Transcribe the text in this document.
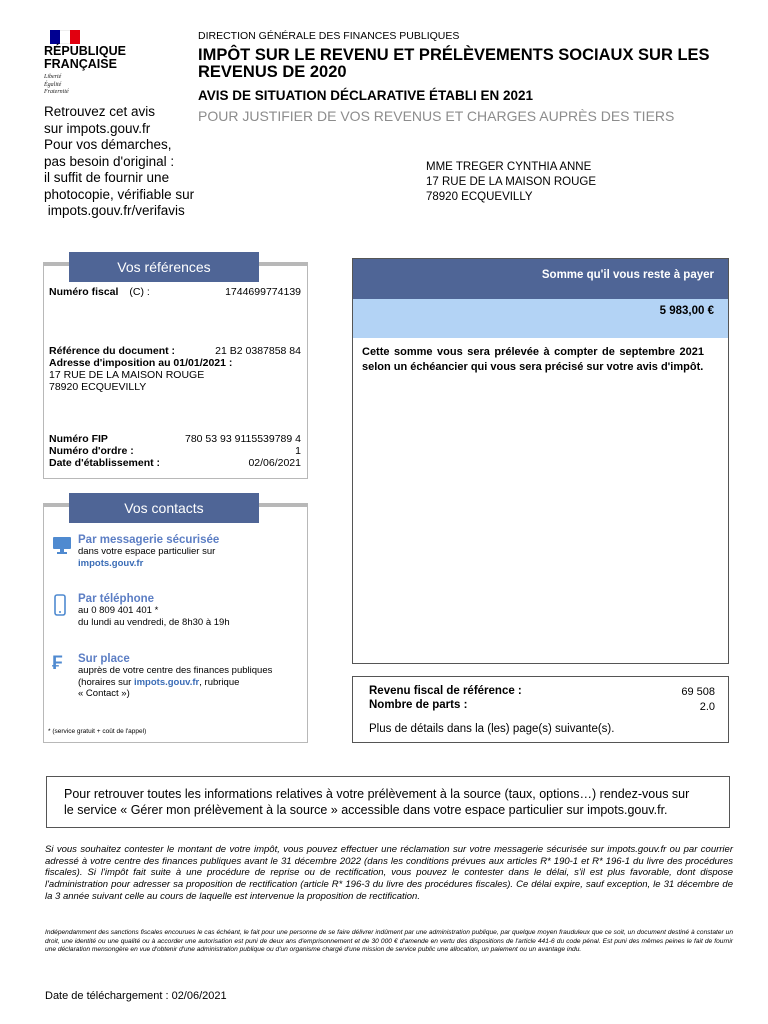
RÉPUBLIQUE
FRANÇAISE
Liberté
Égalité
Fraternité
Retrouvez cet avis
sur impots.gouv.fr
Pour vos démarches,
pas besoin d'original :
il suffit de fournir une
photocopie, vérifiable sur
impots.gouv.fr/verifavis
DIRECTION GÉNÉRALE DES FINANCES PUBLIQUES
IMPÔT SUR LE REVENU ET PRÉLÈVEMENTS SOCIAUX SUR LES REVENUS DE 2020
AVIS DE SITUATION DÉCLARATIVE ÉTABLI EN 2021
POUR JUSTIFIER DE VOS REVENUS ET CHARGES AUPRÈS DES TIERS
MME TREGER CYNTHIA ANNE
17 RUE DE LA MAISON ROUGE
78920 ECQUEVILLY
Vos références
Numéro fiscal (C) :	1744699774139
Référence du document :	21 B2 0387858 84
Adresse d'imposition au 01/01/2021 :
17 RUE DE LA MAISON ROUGE
78920 ECQUEVILLY
Numéro FIP	780 53 93 9115539789 4
Numéro d'ordre :	1
Date d'établissement :	02/06/2021
Vos contacts
Par messagerie sécurisée
dans votre espace particulier sur
impots.gouv.fr
Par téléphone
au 0 809 401 401 *
du lundi au vendredi, de 8h30 à 19h
₣ Sur place
auprès de votre centre des finances publiques
(horaires sur impots.gouv.fr, rubrique
« Contact »)
* (service gratuit + coût de l'appel)
Somme qu'il vous reste à payer
5 983,00 €
Cette somme vous sera prélevée à compter de septembre 2021 selon un échéancier qui vous sera précisé sur votre avis d'impôt.
Revenu fiscal de référence :	69 508
Nombre de parts :	2.0
Plus de détails dans la (les) page(s) suivante(s).
Pour retrouver toutes les informations relatives à votre prélèvement à la source (taux, options…) rendez-vous sur
le service « Gérer mon prélèvement à la source » accessible dans votre espace particulier sur impots.gouv.fr.
Si vous souhaitez contester le montant de votre impôt, vous pouvez effectuer une réclamation sur votre messagerie sécurisée sur impots.gouv.fr ou par courrier adressé à votre centre des finances publiques avant le 31 décembre 2022 (dans les conditions prévues aux articles R* 190-1 et R* 196-1 du livre des procédures fiscales). Si l'impôt fait suite à une procédure de reprise ou de rectification, vous pouvez le contester dans le délai, s'il est plus favorable, dont dispose l'administration pour adresser sa proposition de rectification (article R* 196-3 du livre des procédures fiscales). Ce délai expire, sauf exception, le 31 décembre de la 3 année suivant celle au cours de laquelle est intervenue la proposition de rectification.
Indépendamment des sanctions fiscales encourues le cas échéant, le fait pour une personne de se faire délivrer indûment par une administration publique, par quelque moyen frauduleux que ce soit, un document destiné à constater un droit, une identité ou une qualité ou à accorder une autorisation est puni de deux ans d'emprisonnement et de 30 000 € d'amende en vertu des dispositions de l'article 441-6 du code pénal. Est puni des mêmes peines le fait de fournir une déclaration mensongère en vue d'obtenir d'une administration publique ou d'un organisme chargé d'une mission de service public une allocation, un paiement ou un avantage indu.
Date de téléchargement : 02/06/2021
